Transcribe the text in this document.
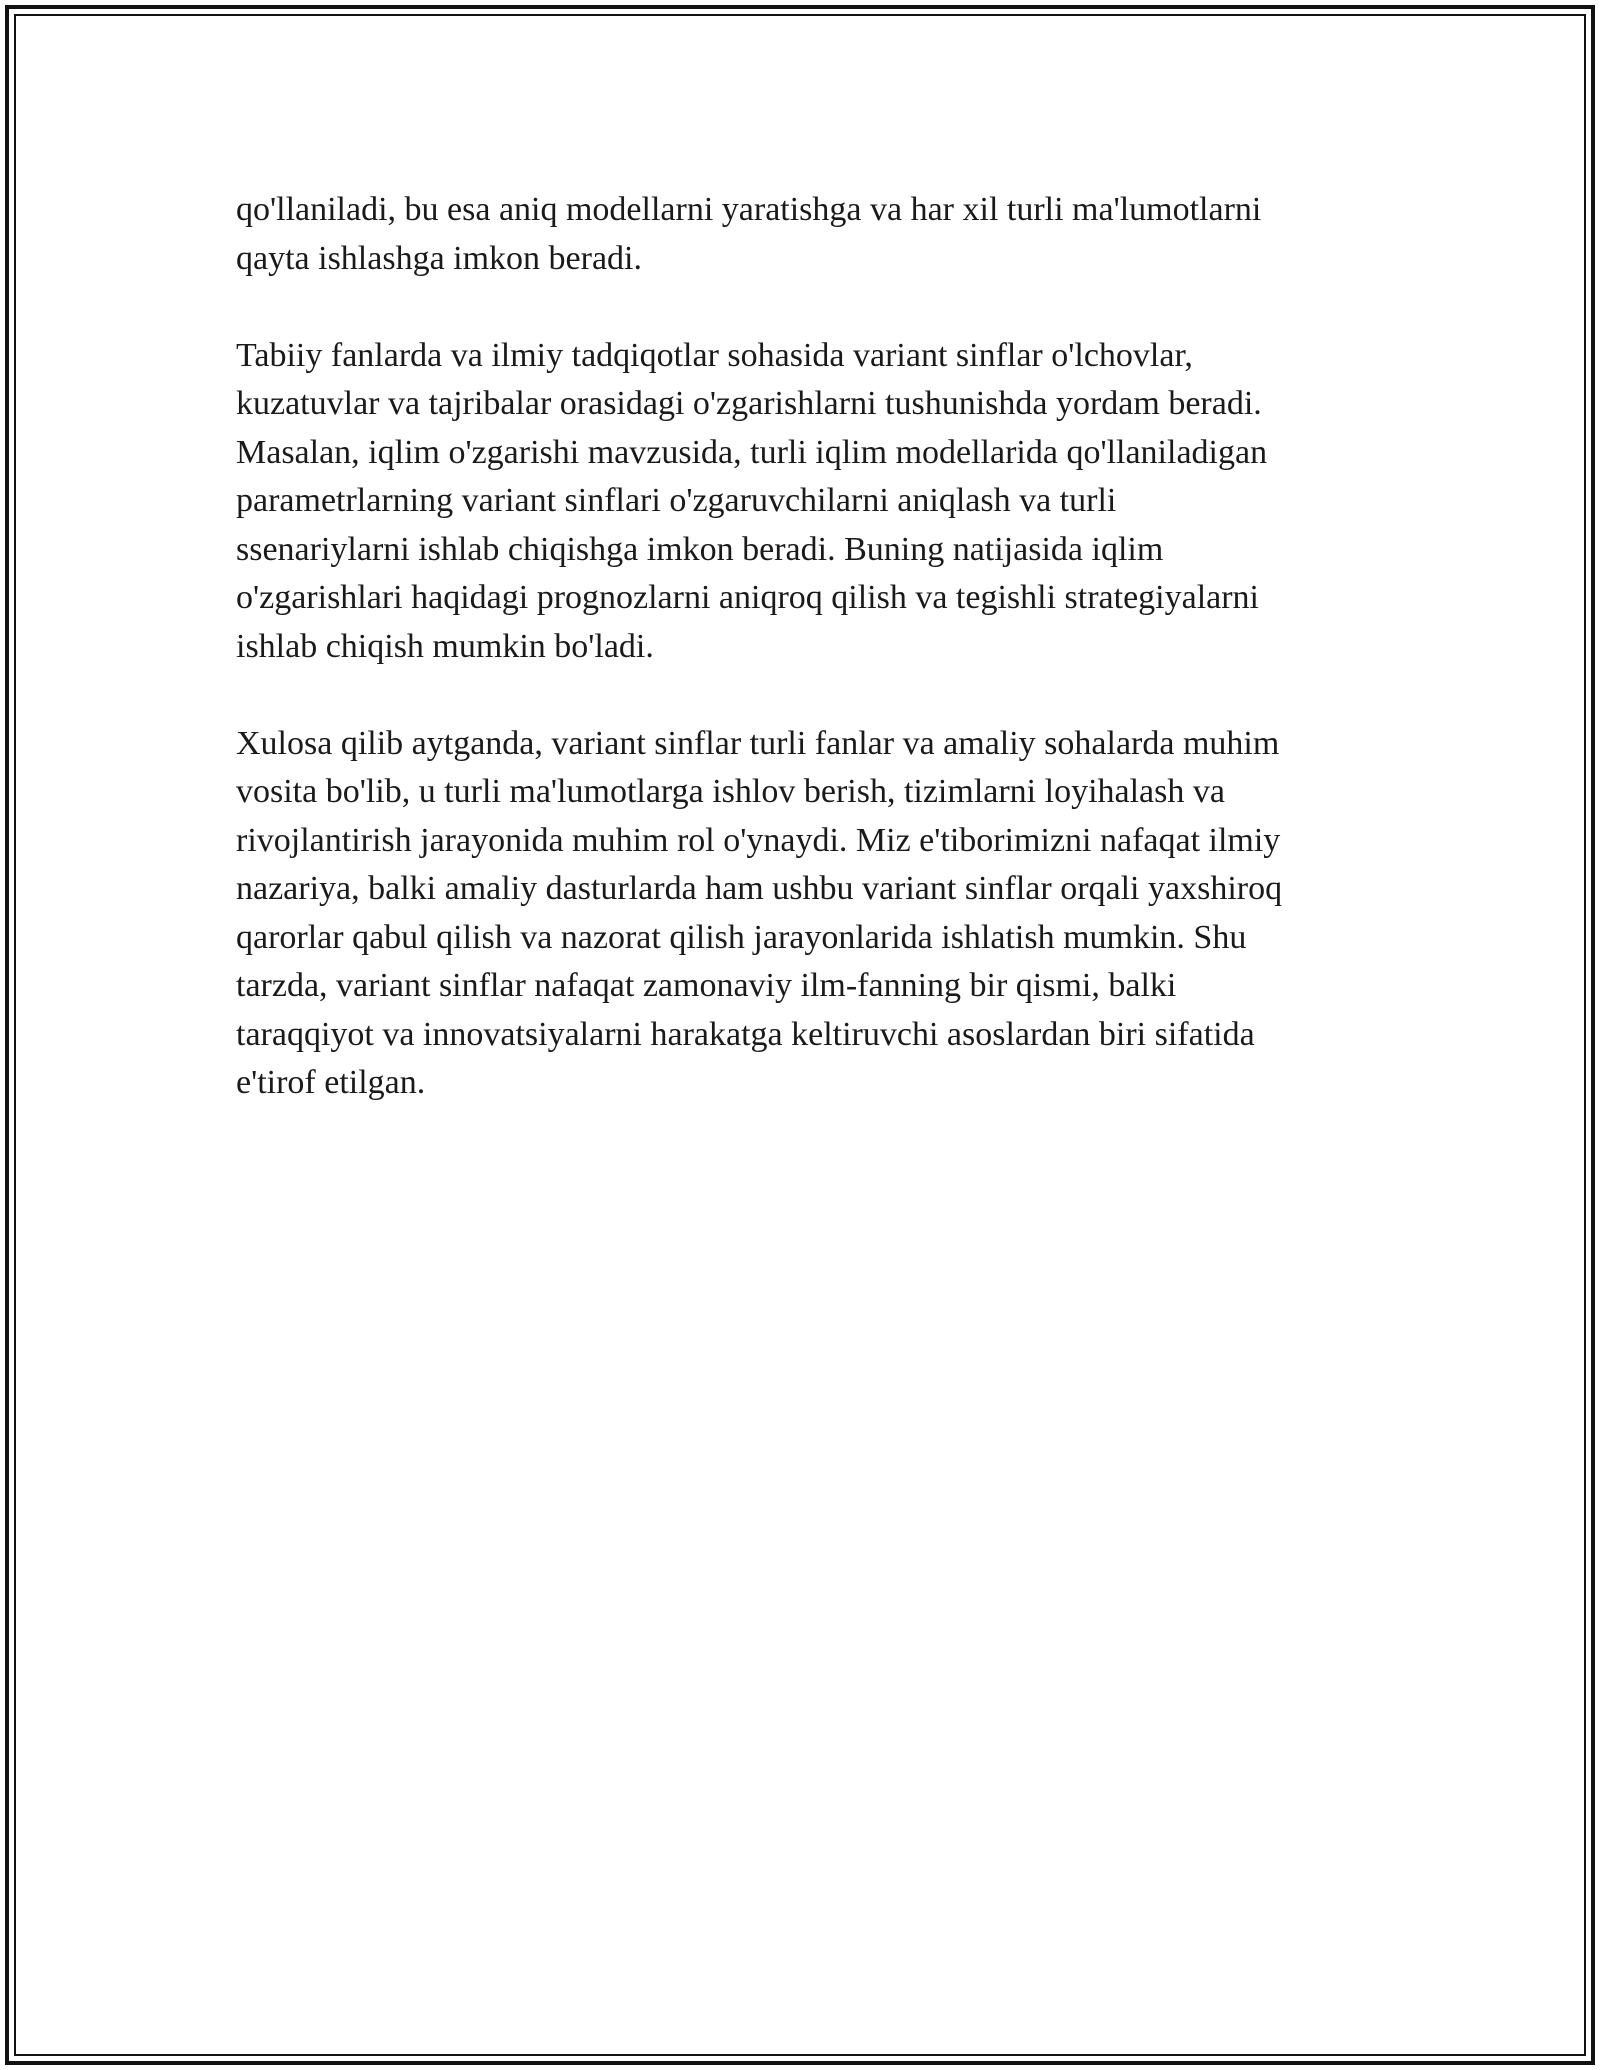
qo'llaniladi, bu esa aniq modellarni yaratishga va har xil turli ma'lumotlarni
qayta ishlashga imkon beradi.

Tabiiy fanlarda va ilmiy tadqiqotlar sohasida variant sinflar o'lchovlar,
kuzatuvlar va tajribalar orasidagi o'zgarishlarni tushunishda yordam beradi.
Masalan, iqlim o'zgarishi mavzusida, turli iqlim modellarida qo'llaniladigan
parametrlarning variant sinflari o'zgaruvchilarni aniqlash va turli
ssenariylarni ishlab chiqishga imkon beradi. Buning natijasida iqlim
o'zgarishlari haqidagi prognozlarni aniqroq qilish va tegishli strategiyalarni
ishlab chiqish mumkin bo'ladi.

Xulosa qilib aytganda, variant sinflar turli fanlar va amaliy sohalarda muhim
vosita bo'lib, u turli ma'lumotlarga ishlov berish, tizimlarni loyihalash va
rivojlantirish jarayonida muhim rol o'ynaydi. Miz e'tiborimizni nafaqat ilmiy
nazariya, balki amaliy dasturlarda ham ushbu variant sinflar orqali yaxshiroq
qarorlar qabul qilish va nazorat qilish jarayonlarida ishlatish mumkin. Shu
tarzda, variant sinflar nafaqat zamonaviy ilm-fanning bir qismi, balki
taraqqiyot va innovatsiyalarni harakatga keltiruvchi asoslardan biri sifatida
e'tirof etilgan.
